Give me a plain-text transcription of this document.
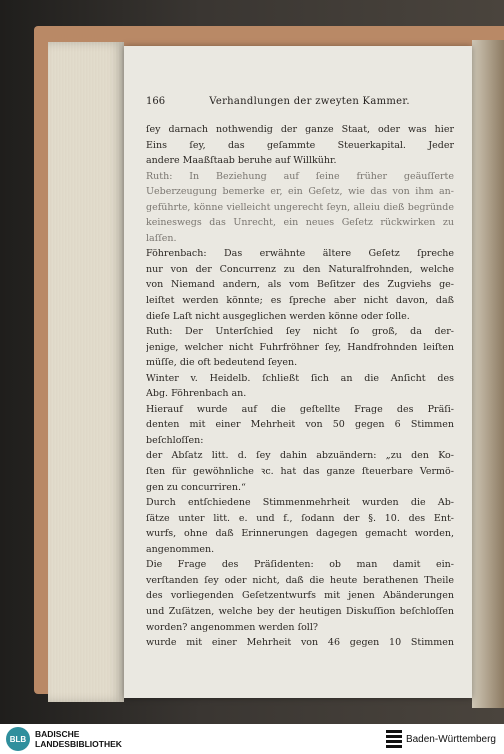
166	Verhandlungen der zweyten Kammer.
ſey darnach nothwendig der ganze Staat, oder was hier
Eins ſey, das geſammte Steuerkapital. Jeder
andere Maaßſtaab beruhe auf Willkühr.
Ruth: In Beziehung auf ſeine früher geäuſſerte
Ueberzeugung bemerke er, ein Geſetz, wie das von ihm an-
geführte, könne vielleicht ungerecht ſeyn, alleiu dieß begründe
keineswegs das Unrecht, ein neues Geſetz rückwirken zu
laſſen.
Föhrenbach: Das erwähnte ältere Geſetz ſpreche
nur von der Concurrenz zu den Naturalfrohnden, welche
von Niemand andern, als vom Beſitzer des Zugviehs ge-
leiſtet werden könnte; es ſpreche aber nicht davon, daß
dieſe Laſt nicht ausgeglichen werden könne oder ſolle.
Ruth: Der Unterſchied ſey nicht ſo groß, da der-
jenige, welcher nicht Fuhrfröhner ſey, Handfrohnden leiſten
müſſe, die oft bedeutend ſeyen.
Winter v. Heidelb. ſchließt ſich an die Anſicht des
Abg. Föhrenbach an.
Hierauf wurde auf die geſtellte Frage des Präſi-
denten mit einer Mehrheit von 50 gegen 6 Stimmen
beſchloſſen:
der Abſatz litt. d. ſey dahin abzuändern: „zu den Ko-
ſten für gewöhnliche ꝛc. hat das ganze ſteuerbare Vermö-
gen zu concurriren.“
Durch entſchiedene Stimmenmehrheit wurden die Ab-
ſätze unter litt. e. und f., ſodann der §. 10. des Ent-
wurfs, ohne daß Erinnerungen dagegen gemacht worden,
angenommen.
Die Frage des Präſidenten: ob man damit ein-
verſtanden ſey oder nicht, daß die heute berathenen Theile
des vorliegenden Geſetzentwurfs mit jenen Abänderungen
und Zuſätzen, welche bey der heutigen Diskuſſion beſchloſſen
worden? angenommen werden ſoll?
wurde mit einer Mehrheit von 46 gegen 10 Stimmen
BLB	BADISCHE
LANDESBIBLIOTHEK	Baden-Württemberg
